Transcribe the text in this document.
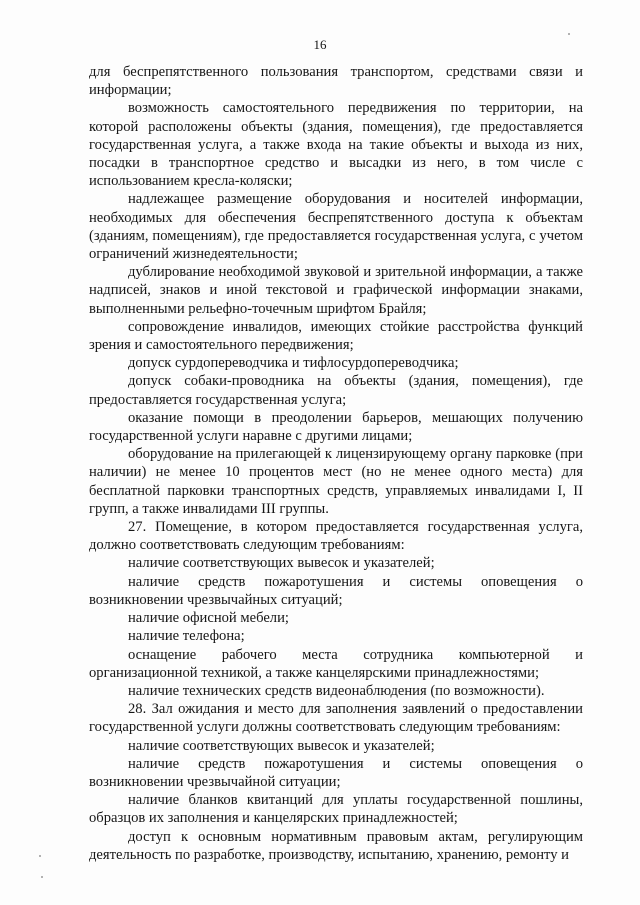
16

для беспрепятственного пользования транспортом, средствами связи и информации;

возможность самостоятельного передвижения по территории, на которой расположены объекты (здания, помещения), где предоставляется государственная услуга, а также входа на такие объекты и выхода из них, посадки в транспортное средство и высадки из него, в том числе с использованием кресла-коляски;

надлежащее размещение оборудования и носителей информации, необходимых для обеспечения беспрепятственного доступа к объектам (зданиям, помещениям), где предоставляется государственная услуга, с учетом ограничений жизнедеятельности;

дублирование необходимой звуковой и зрительной информации, а также надписей, знаков и иной текстовой и графической информации знаками, выполненными рельефно-точечным шрифтом Брайля;

сопровождение инвалидов, имеющих стойкие расстройства функций зрения и самостоятельного передвижения;

допуск сурдопереводчика и тифлосурдопереводчика;

допуск собаки-проводника на объекты (здания, помещения), где предоставляется государственная услуга;

оказание помощи в преодолении барьеров, мешающих получению государственной услуги наравне с другими лицами;

оборудование на прилегающей к лицензирующему органу парковке (при наличии) не менее 10 процентов мест (но не менее одного места) для бесплатной парковки транспортных средств, управляемых инвалидами I, II групп, а также инвалидами III группы.

27. Помещение, в котором предоставляется государственная услуга, должно соответствовать следующим требованиям:

наличие соответствующих вывесок и указателей;

наличие средств пожаротушения и системы оповещения о возникновении чрезвычайных ситуаций;

наличие офисной мебели;

наличие телефона;

оснащение рабочего места сотрудника компьютерной и организационной техникой, а также канцелярскими принадлежностями;

наличие технических средств видеонаблюдения (по возможности).

28. Зал ожидания и место для заполнения заявлений о предоставлении государственной услуги должны соответствовать следующим требованиям:

наличие соответствующих вывесок и указателей;

наличие средств пожаротушения и системы оповещения о возникновении чрезвычайной ситуации;

наличие бланков квитанций для уплаты государственной пошлины, образцов их заполнения и канцелярских принадлежностей;

доступ к основным нормативным правовым актам, регулирующим деятельность по разработке, производству, испытанию, хранению, ремонту и
